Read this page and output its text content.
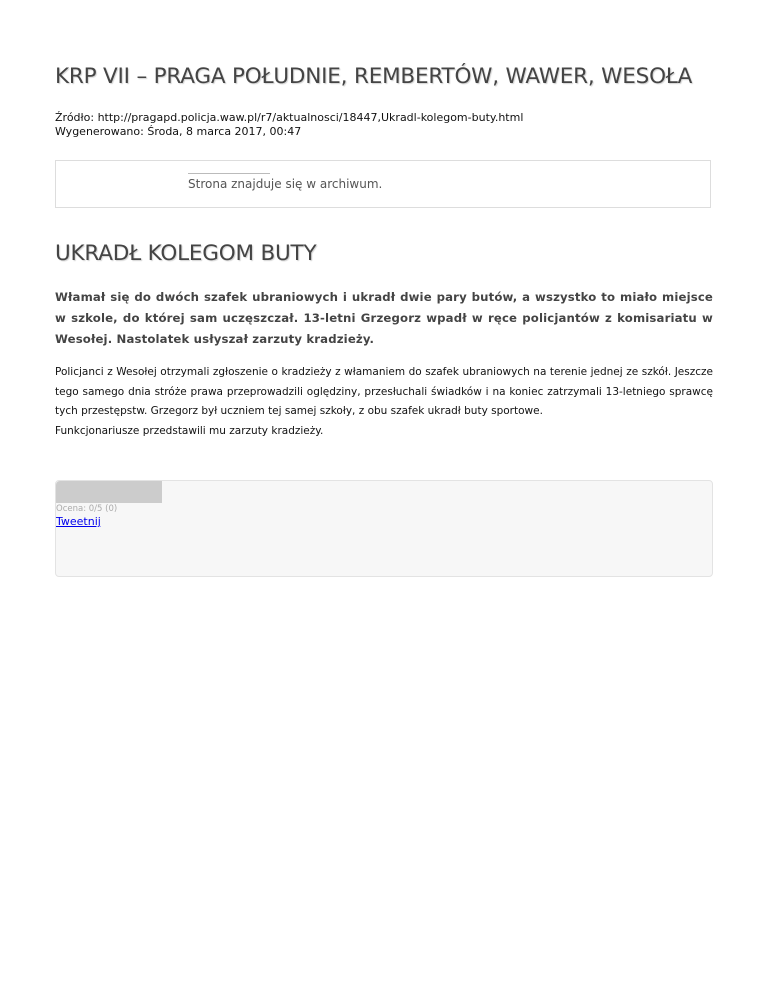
KRP VII – PRAGA POŁUDNIE, REMBERTÓW, WAWER, WESOŁA
Źródło: http://pragapd.policja.waw.pl/r7/aktualnosci/18447,Ukradl-kolegom-buty.html
Wygenerowano: Środa, 8 marca 2017, 00:47
Strona znajduje się w archiwum.
UKRADŁ KOLEGOM BUTY

Włamał się do dwóch szafek ubraniowych i ukradł dwie pary butów, a wszystko to miało miejsce w szkole, do której sam uczęszczał. 13-letni Grzegorz wpadł w ręce policjantów z komisariatu w Wesołej. Nastolatek usłyszał zarzuty kradzieży.

Policjanci z Wesołej otrzymali zgłoszenie o kradzieży z włamaniem do szafek ubraniowych na terenie jednej ze szkół. Jeszcze tego samego dnia stróże prawa przeprowadzili oględziny, przesłuchali świadków i na koniec zatrzymali 13-letniego sprawcę tych przestępstw. Grzegorz był uczniem tej samej szkoły, z obu szafek ukradł buty sportowe.

Funkcjonariusze przedstawili mu zarzuty kradzieży.

Ocena: 0/5 (0)
Tweetnij
